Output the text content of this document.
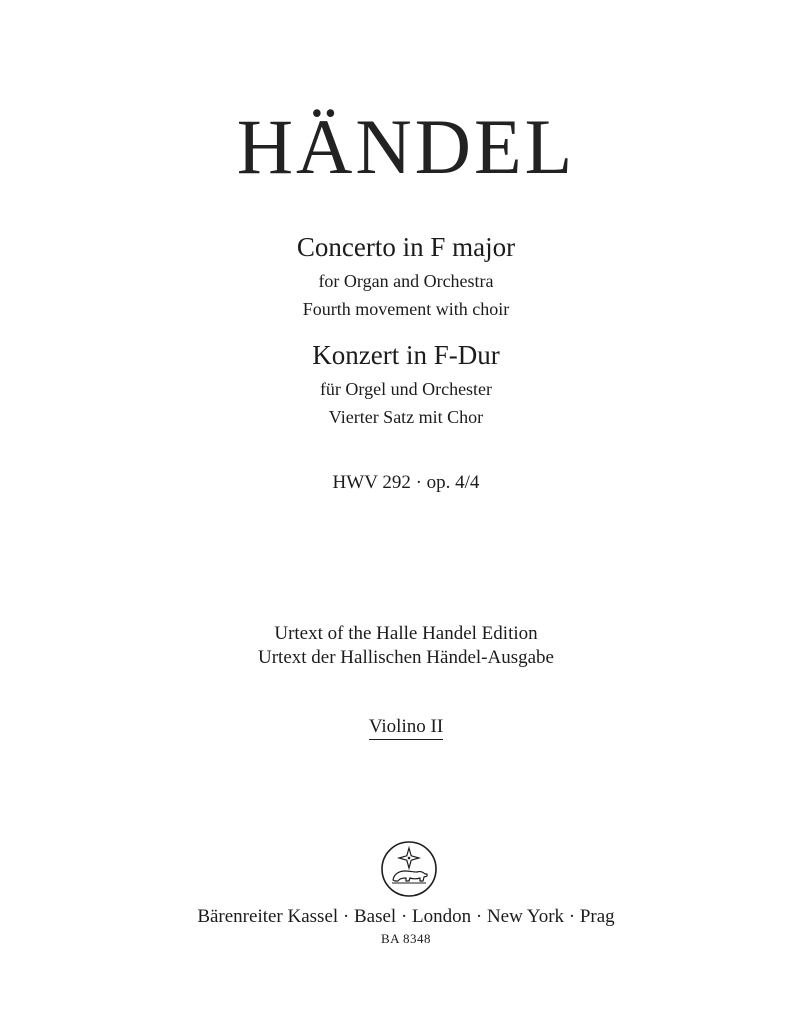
HÄNDEL
Concerto in F major
for Organ and Orchestra
Fourth movement with choir
Konzert in F-Dur
für Orgel und Orchester
Vierter Satz mit Chor
HWV 292 · op. 4/4
Urtext of the Halle Handel Edition
Urtext der Hallischen Händel-Ausgabe
Violino II
Bärenreiter Kassel · Basel · London · New York · Prag
BA 8348
